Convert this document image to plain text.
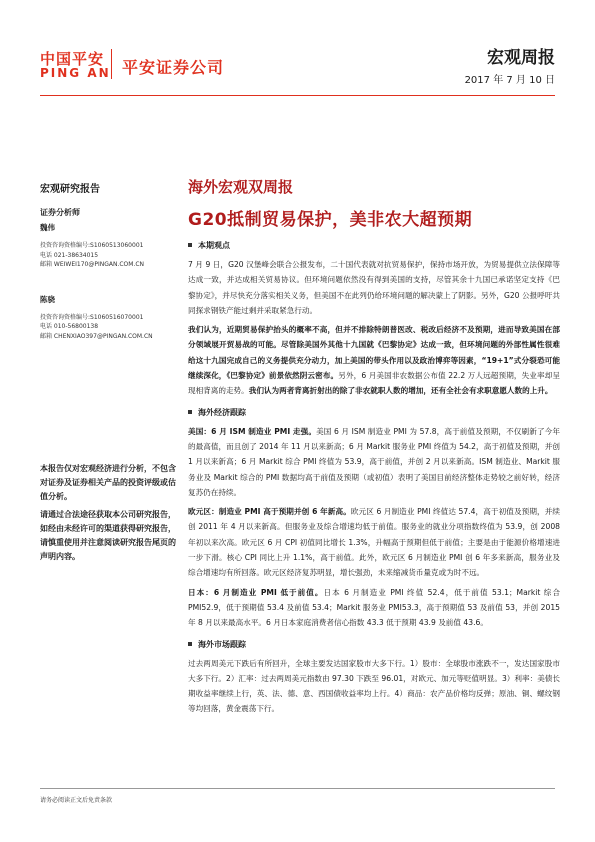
中国平安
PING AN 平安证券公司	宏观周报
2017 年 7 月 10 日
宏观研究报告
证券分析师
魏伟
投资咨询资格编号:S1060513060001
电话 021-38634015
邮箱 WEIWEI170@PINGAN.COM.CN
陈骁
投资咨询资格编号:S1060516070001
电话 010-56800138
邮箱 CHENXIAO397@PINGAN.COM.CN

本报告仅对宏观经济进行分析，不包含对证券及证券相关产品的投资评级或估值分析。

请通过合法途径获取本公司研究报告，如经由未经许可的渠道获得研究报告，请慎重使用并注意阅读研究报告尾页的声明内容。

海外宏观双周报
G20抵制贸易保护，美非农大超预期
本期观点

7 月 9 日，G20 汉堡峰会联合公报发布，二十国代表就对抗贸易保护，保持市场开放，为贸易提供立法保障等达成一致，并达成相关贸易协议。但环境问题依然没有得到美国的支持，尽管其余十九国已承诺坚定支持《巴黎协定》，并尽快充分落实相关义务，但美国不在此列仍给环境问题的解决蒙上了阴影。另外，G20 公报呼吁共同探求钢铁产能过剩并采取紧急行动。

我们认为，近期贸易保护抬头的概率不高，但并不排除特朗普医改、税改后经济不及预期，进而导致美国在部分领域展开贸易战的可能。尽管除美国外其他十九国就《巴黎协定》达成一致，但环境问题的外部性属性很难给这十九国完成自己的义务提供充分动力，加上美国的带头作用以及政治博弈等因素，“19+1”式分裂恐可能继续深化，《巴黎协定》前景依然阴云密布。另外，6 月美国非农数据公布值 22.2 万人远超预期，失业率却呈现相背离的走势。我们认为两者背离折射出的除了非农就职人数的增加，还有全社会有求职意愿人数的上升。

海外经济跟踪

美国：6 月 ISM 制造业 PMI 走强。美国 6 月 ISM 制造业 PMI 为 57.8，高于前值及预期，不仅刷新了今年的最高值，而且创了 2014 年 11 月以来新高；6 月 Markit 服务业 PMI 终值为 54.2，高于初值及预期，并创 1 月以来新高；6 月 Markit 综合 PMI 终值为 53.9，高于前值，并创 2 月以来新高。ISM 制造业、Markit 服务业及 Markit 综合的 PMI 数据均高于前值及预期（或初值）表明了美国目前经济整体走势较之前好转，经济复苏仍在持续。

欧元区：制造业 PMI 高于预期并创 6 年新高。欧元区 6 月制造业 PMI 终值达 57.4，高于初值及预期，并续创 2011 年 4 月以来新高。但服务业及综合增速均低于前值。服务业的就业分项指数终值为 53.9，创 2008 年初以来次高。欧元区 6 月 CPI 初值同比增长 1.3%，升幅高于预期但低于前值；主要是由于能源价格增速进一步下滑。核心 CPI 同比上升 1.1%，高于前值。此外，欧元区 6 月制造业 PMI 创 6 年多来新高，服务业及综合增速均有所回落。欧元区经济复苏明显，增长强劲，未来缩减货币量克或为时不远。

日本：6 月制造业 PMI 低于前值。日本 6 月制造业 PMI 终值 52.4，低于前值 53.1；Markit 综合 PMI52.9，低于预期值 53.4 及前值 53.4；Markit 服务业 PMI53.3，高于预期值 53 及前值 53，并创 2015 年 8 月以来最高水平。6 月日本家庭消费者信心指数 43.3 低于预期 43.9 及前值 43.6。

海外市场跟踪

过去两周美元下跌后有所回升，全球主要发达国家股市大多下行。1）股市：全球股市涨跌不一，发达国家股市大多下行。2）汇率：过去两周美元指数由 97.30 下跌至 96.01，对欧元、加元等贬值明显。3）利率：美债长期收益率继续上行，英、法、德、意、西国债收益率均上行。4）商品：农产品价格均反弹；原油、铜、螺纹钢等均回落，黄金震荡下行。

请务必阅读正文后免责条款
